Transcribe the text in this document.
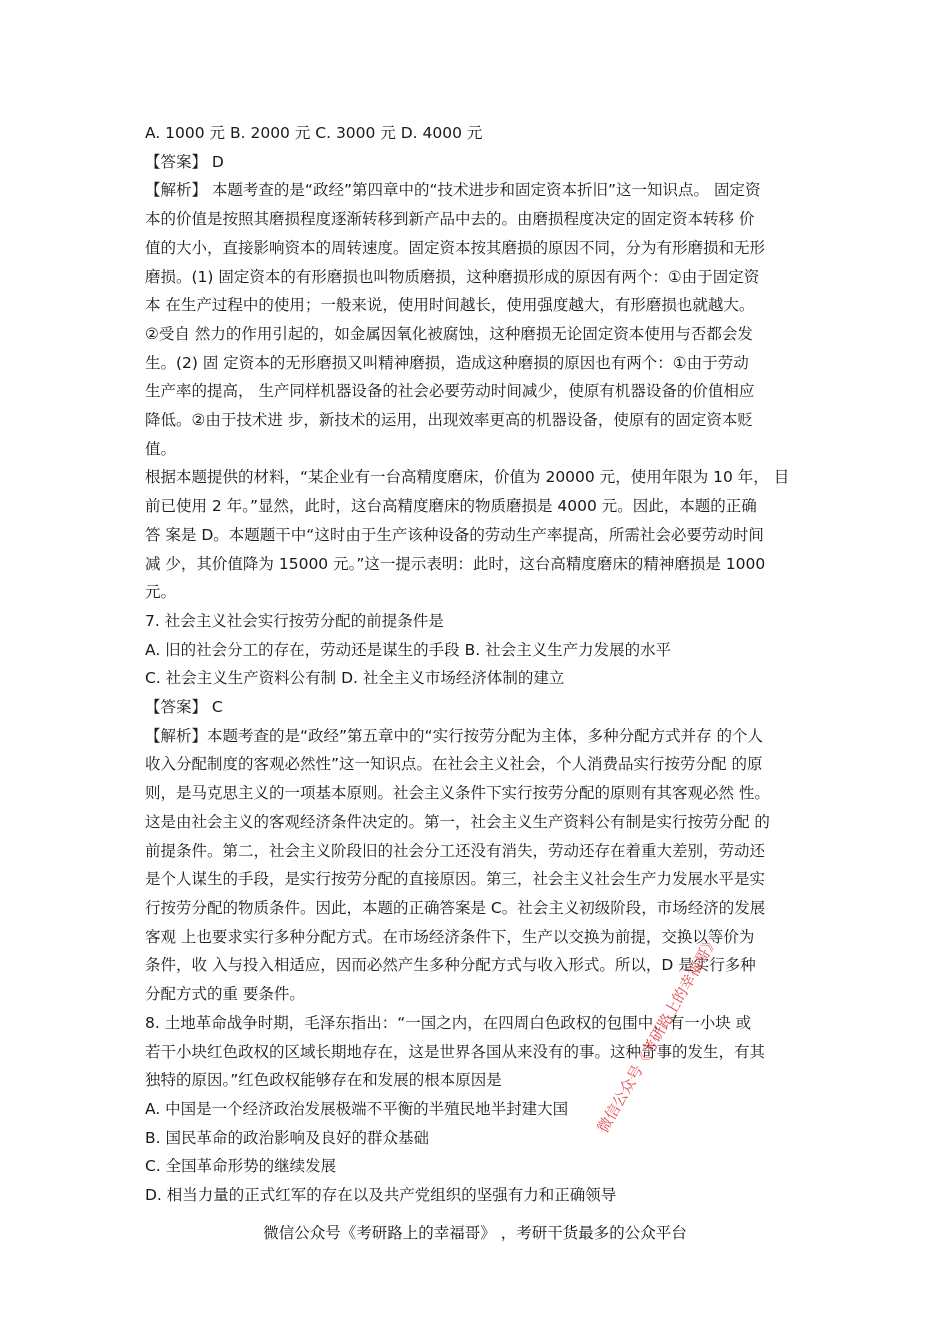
A. 1000 元 B. 2000 元 C. 3000 元 D. 4000 元

【答案】 D

【解析】 本题考查的是“政经”第四章中的“技术进步和固定资本折旧”这一知识点。 固定资

本的价值是按照其磨损程度逐渐转移到新产品中去的。由磨损程度决定的固定资本转移 价

值的大小，直接影响资本的周转速度。固定资本按其磨损的原因不同，分为有形磨损和无形

磨损。(1) 固定资本的有形磨损也叫物质磨损，这种磨损形成的原因有两个：①由于固定资

本 在生产过程中的使用；一般来说，使用时间越长，使用强度越大，有形磨损也就越大。

②受自 然力的作用引起的，如金属因氧化被腐蚀，这种磨损无论固定资本使用与否都会发

生。(2) 固 定资本的无形磨损又叫精神磨损，造成这种磨损的原因也有两个：①由于劳动

生产率的提高， 生产同样机器设备的社会必要劳动时间减少，使原有机器设备的价值相应

降低。②由于技术进 步，新技术的运用，出现效率更高的机器设备，使原有的固定资本贬

值。

根据本题提供的材料，“某企业有一台高精度磨床，价值为 20000 元，使用年限为 10 年， 目

前已使用 2 年。”显然，此时，这台高精度磨床的物质磨损是 4000 元。因此，本题的正确

答 案是 D。本题题干中“这时由于生产该种设备的劳动生产率提高，所需社会必要劳动时间

减 少，其价值降为 15000 元。”这一提示表明：此时，这台高精度磨床的精神磨损是 1000

元。

7. 社会主义社会实行按劳分配的前提条件是

A. 旧的社会分工的存在，劳动还是谋生的手段 B. 社会主义生产力发展的水平

C. 社会主义生产资料公有制 D. 社全主义市场经济体制的建立

【答案】 C

【解析】本题考查的是“政经”第五章中的“实行按劳分配为主体，多种分配方式并存 的个人

收入分配制度的客观必然性”这一知识点。在社会主义社会，个人消费品实行按劳分配 的原

则，是马克思主义的一项基本原则。社会主义条件下实行按劳分配的原则有其客观必然 性。

这是由社会主义的客观经济条件决定的。第一，社会主义生产资料公有制是实行按劳分配 的

前提条件。第二，社会主义阶段旧的社会分工还没有消失，劳动还存在着重大差别，劳动还

是个人谋生的手段，是实行按劳分配的直接原因。第三，社会主义社会生产力发展水平是实

行按劳分配的物质条件。因此，本题的正确答案是 C。社会主义初级阶段，市场经济的发展

客观 上也要求实行多种分配方式。在市场经济条件下，生产以交换为前提，交换以等价为

条件，收 入与投入相适应，因而必然产生多种分配方式与收入形式。所以，D 是实行多种

分配方式的重 要条件。

8. 土地革命战争时期，毛泽东指出：“一国之内，在四周白色政权的包围中，有一小块 或

若干小块红色政权的区域长期地存在，这是世界各国从来没有的事。这种奇事的发生，有其

独特的原因。”红色政权能够存在和发展的根本原因是

A. 中国是一个经济政治发展极端不平衡的半殖民地半封建大国

B. 国民革命的政治影响及良好的群众基础

C. 全国革命形势的继续发展

D. 相当力量的正式红军的存在以及共产党组织的坚强有力和正确领导

微信公众号《考研路上的幸福哥》
微信公众号《考研路上的幸福哥》 ，考研干货最多的公众平台
